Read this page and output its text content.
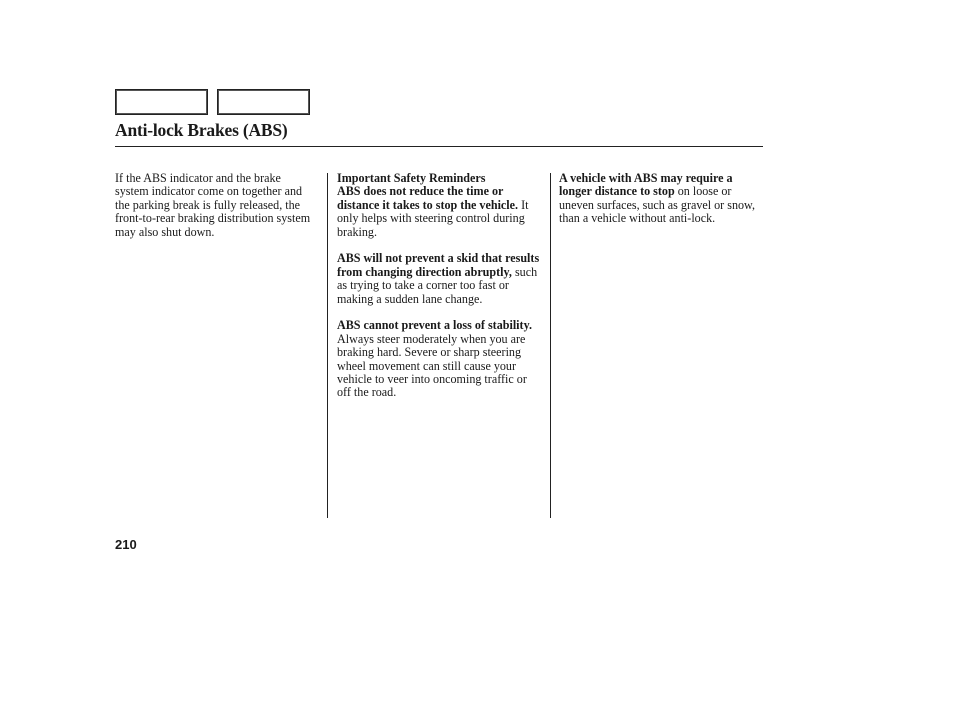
Anti-lock Brakes (ABS)

If the ABS indicator and the brake system indicator come on together and the parking break is fully released, the front-to-rear braking distribution system may also shut down.

Important Safety Reminders
ABS does not reduce the time or distance it takes to stop the vehicle. It only helps with steering control during braking.

ABS will not prevent a skid that results from changing direction abruptly, such as trying to take a corner too fast or making a sudden lane change.

ABS cannot prevent a loss of stability. Always steer moderately when you are braking hard. Severe or sharp steering wheel movement can still cause your vehicle to veer into oncoming traffic or off the road.

A vehicle with ABS may require a longer distance to stop on loose or uneven surfaces, such as gravel or snow, than a vehicle without anti-lock.

210
